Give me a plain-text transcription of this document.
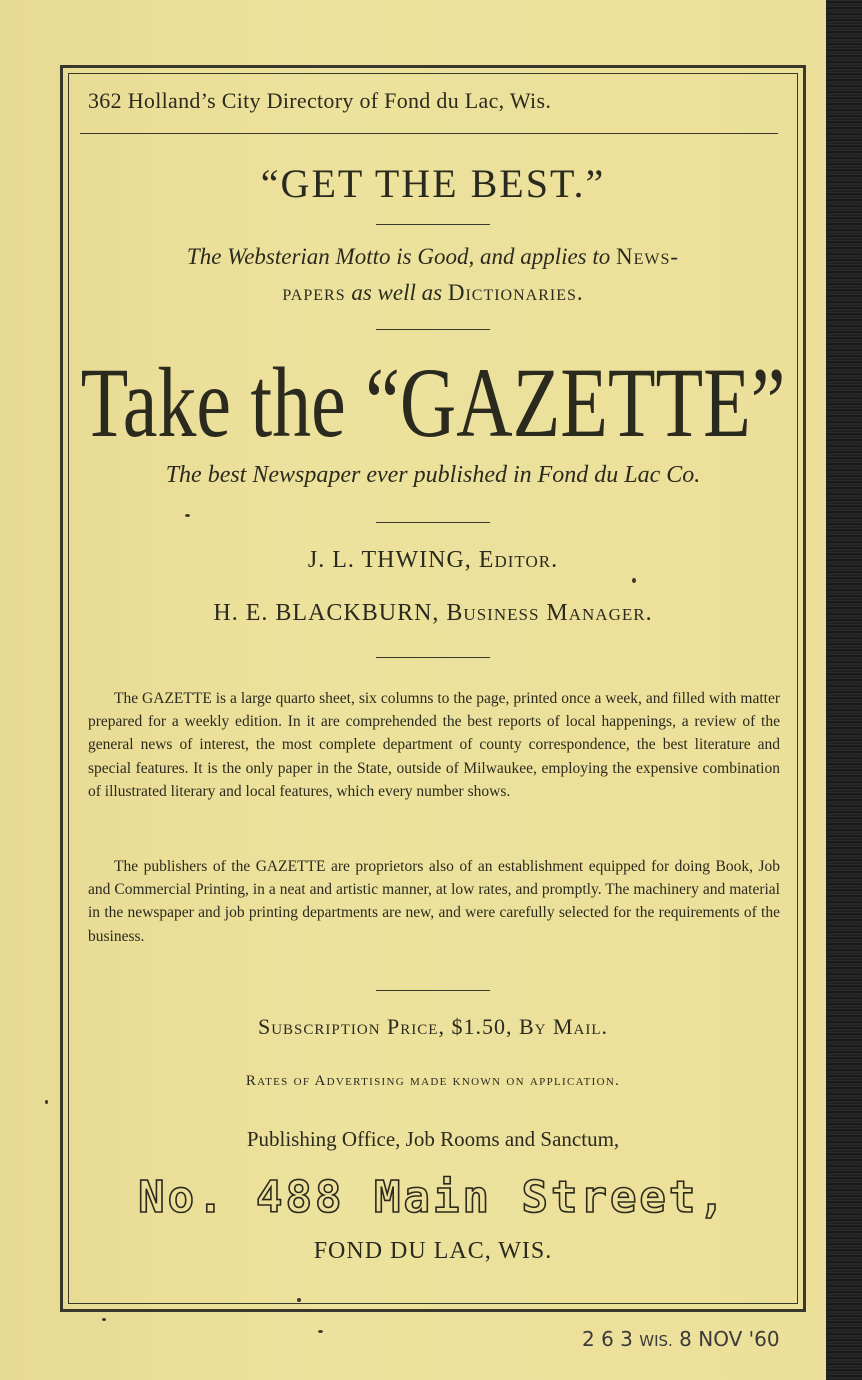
362 Holland’s City Directory of Fond du Lac, Wis.
“GET THE BEST.”
The Websterian Motto is Good, and applies to News-
papers as well as Dictionaries.
Take the “GAZETTE”
The best Newspaper ever published in Fond du Lac Co.
J. L. THWING, Editor.
H. E. BLACKBURN, Business Manager.
The GAZETTE is a large quarto sheet, six columns to the page, printed once a week, and filled with matter prepared for a weekly edition. In it are comprehended the best reports of local happenings, a review of the general news of interest, the most complete department of county correspondence, the best literature and special features. It is the only paper in the State, outside of Milwaukee, employing the expensive combination of illustrated literary and local features, which every number shows.
The publishers of the GAZETTE are proprietors also of an establishment equipped for doing Book, Job and Commercial Printing, in a neat and artistic manner, at low rates, and promptly. The machinery and material in the newspaper and job printing departments are new, and were carefully selected for the requirements of the business.
Subscription Price, $1.50, By Mail.
Rates of Advertising made known on application.
Publishing Office, Job Rooms and Sanctum,
No. 488 Main Street,
FOND DU LAC, WIS.
2 6 3 WIS. 8 NOV '60
